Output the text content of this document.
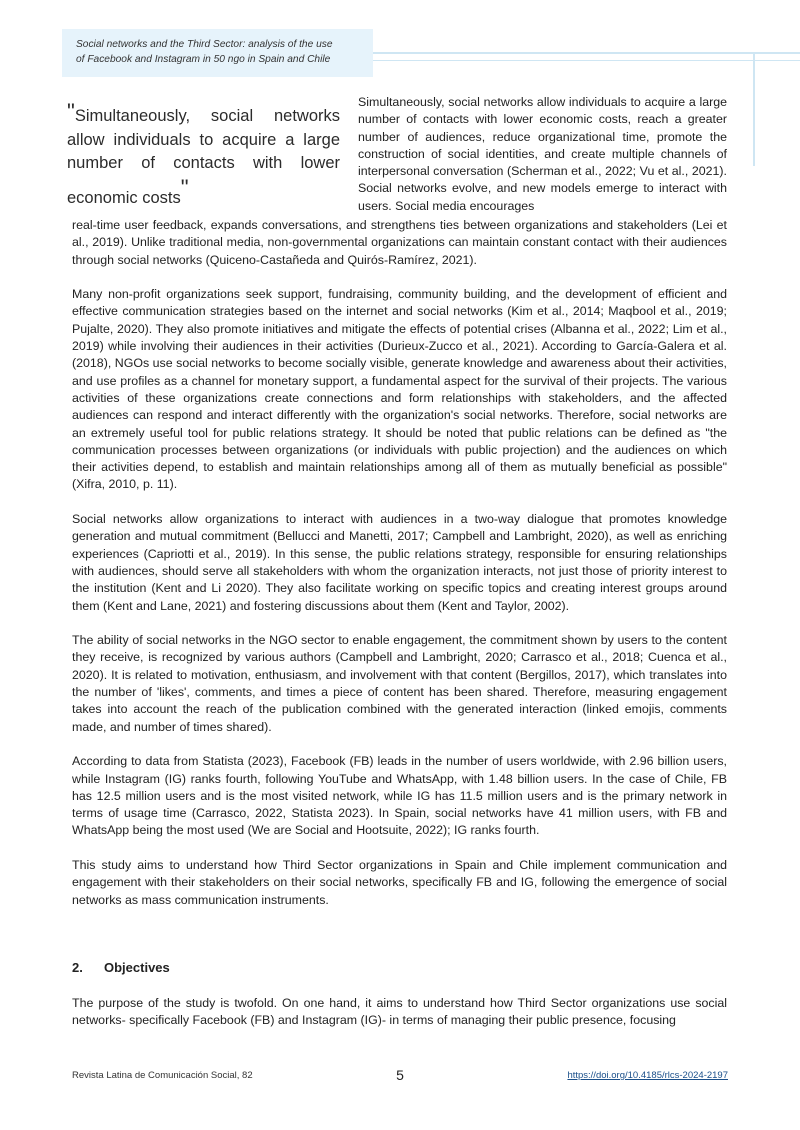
Social networks and the Third Sector: analysis of the use
of Facebook and Instagram in 50 ngo in Spain and Chile
"Simultaneously, social networks allow individuals to acquire a large number of contacts with lower economic costs"

Simultaneously, social networks allow individuals to acquire a large number of contacts with lower economic costs, reach a greater number of audiences, reduce organizational time, promote the construction of social identities, and create multiple channels of interpersonal conversation (Scherman et al., 2022; Vu et al., 2021). Social networks evolve, and new models emerge to interact with users. Social media encourages

real-time user feedback, expands conversations, and strengthens ties between organizations and stakeholders (Lei et al., 2019). Unlike traditional media, non-governmental organizations can maintain constant contact with their audiences through social networks (Quiceno-Castañeda and Quirós-Ramírez, 2021).

Many non-profit organizations seek support, fundraising, community building, and the development of efficient and effective communication strategies based on the internet and social networks (Kim et al., 2014; Maqbool et al., 2019; Pujalte, 2020). They also promote initiatives and mitigate the effects of potential crises (Albanna et al., 2022; Lim et al., 2019) while involving their audiences in their activities (Durieux-Zucco et al., 2021). According to García-Galera et al. (2018), NGOs use social networks to become socially visible, generate knowledge and awareness about their activities, and use profiles as a channel for monetary support, a fundamental aspect for the survival of their projects. The various activities of these organizations create connections and form relationships with stakeholders, and the affected audiences can respond and interact differently with the organization's social networks. Therefore, social networks are an extremely useful tool for public relations strategy. It should be noted that public relations can be defined as "the communication processes between organizations (or individuals with public projection) and the audiences on which their activities depend, to establish and maintain relationships among all of them as mutually beneficial as possible" (Xifra, 2010, p. 11).

Social networks allow organizations to interact with audiences in a two-way dialogue that promotes knowledge generation and mutual commitment (Bellucci and Manetti, 2017; Campbell and Lambright, 2020), as well as enriching experiences (Capriotti et al., 2019). In this sense, the public relations strategy, responsible for ensuring relationships with audiences, should serve all stakeholders with whom the organization interacts, not just those of priority interest to the institution (Kent and Li 2020). They also facilitate working on specific topics and creating interest groups around them (Kent and Lane, 2021) and fostering discussions about them (Kent and Taylor, 2002).

The ability of social networks in the NGO sector to enable engagement, the commitment shown by users to the content they receive, is recognized by various authors (Campbell and Lambright, 2020; Carrasco et al., 2018; Cuenca et al., 2020). It is related to motivation, enthusiasm, and involvement with that content (Bergillos, 2017), which translates into the number of 'likes', comments, and times a piece of content has been shared. Therefore, measuring engagement takes into account the reach of the publication combined with the generated interaction (linked emojis, comments made, and number of times shared).

According to data from Statista (2023), Facebook (FB) leads in the number of users worldwide, with 2.96 billion users, while Instagram (IG) ranks fourth, following YouTube and WhatsApp, with 1.48 billion users. In the case of Chile, FB has 12.5 million users and is the most visited network, while IG has 11.5 million users and is the primary network in terms of usage time (Carrasco, 2022, Statista 2023). In Spain, social networks have 41 million users, with FB and WhatsApp being the most used (We are Social and Hootsuite, 2022); IG ranks fourth.

This study aims to understand how Third Sector organizations in Spain and Chile implement communication and engagement with their stakeholders on their social networks, specifically FB and IG, following the emergence of social networks as mass communication instruments.

2. Objectives

The purpose of the study is twofold. On one hand, it aims to understand how Third Sector organizations use social networks- specifically Facebook (FB) and Instagram (IG)- in terms of managing their public presence, focusing

Revista Latina de Comunicación Social, 82	5	https://doi.org/10.4185/rlcs-2024-2197
